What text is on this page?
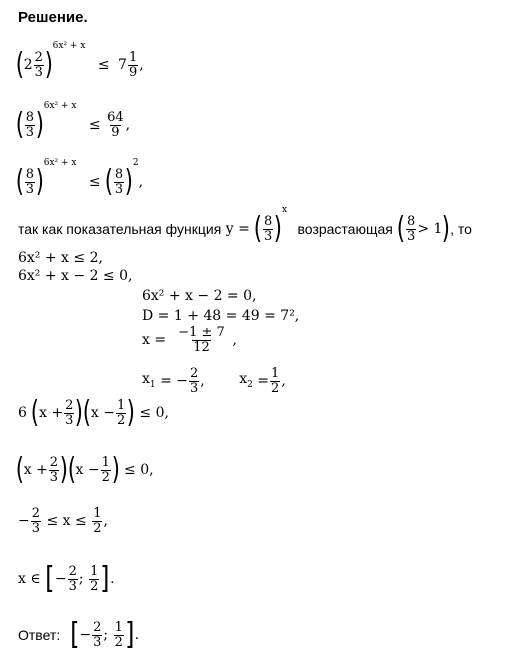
Решение.
$(2 \frac{2}{3} )6x^2 + x \le 7 \frac{1}{9}$ ,
( $\frac{8}{3} )6x^2 + x \le \frac{64}{9}$ ,
( $\frac{8}{3} )6x^2 + x$ ≤ ( $\frac{8}{3} )2$,
так как показательная функция y = ( $\frac{8}{3} )x$ возрастающая ( $\frac{8}{3} > 1$), то
6x² + x ≤ 2,
6x² + x − 2 ≤ 0,
6x² + x − 2 = 0,
D = 1 + 48 = 49 = 7²,
$x = \frac{-1 \pm 7}{12}$ ,
$x_1$ = − $\frac{2}{3}$ , $x_2 = \frac{1}{2}$ ,
6 $(x + \frac{2}{3} )(x - \frac{1}{2}$ ) ≤ 0,
$(x + \frac{2}{3} )(x - \frac{1}{2}$ ) ≤ 0,
− $\frac{2}{3} \le x \le \frac{1}{2}$ ,
x ∈ [− $\frac{2}{3}$ ; $\frac{1}{2}$ ].
Ответ: [− $\frac{2}{3}$ ; $\frac{1}{2}$ ].
